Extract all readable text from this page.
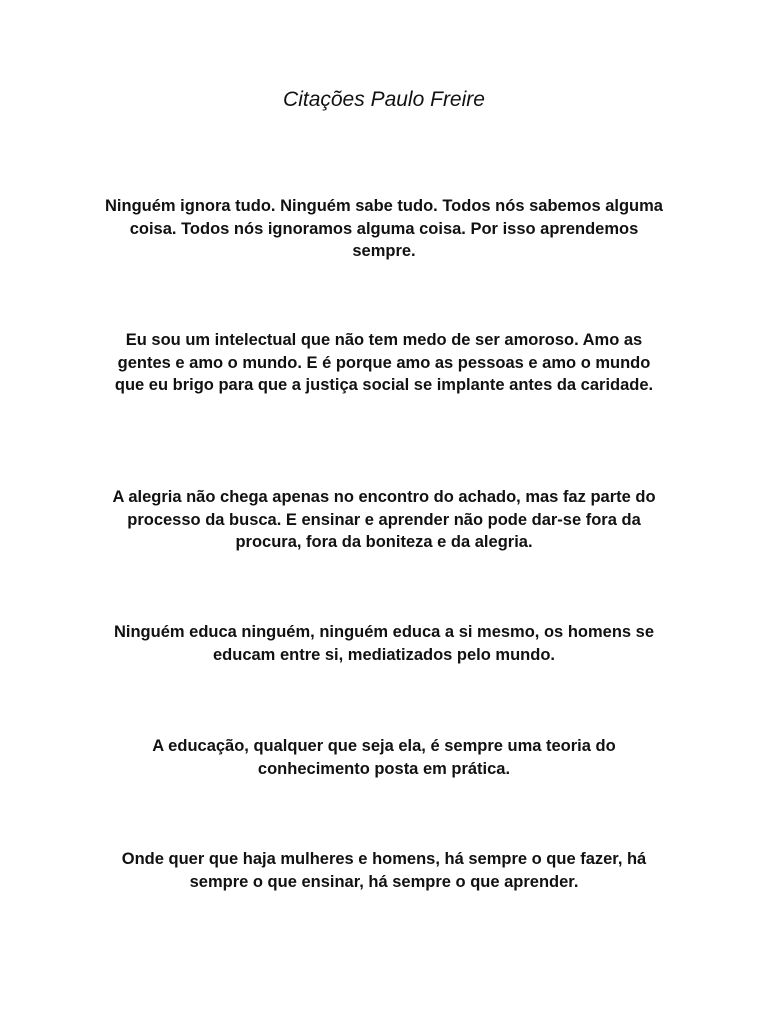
Citações Paulo Freire

Ninguém ignora tudo. Ninguém sabe tudo. Todos nós sabemos alguma coisa. Todos nós ignoramos alguma coisa. Por isso aprendemos sempre.

Eu sou um intelectual que não tem medo de ser amoroso. Amo as gentes e amo o mundo. E é porque amo as pessoas e amo o mundo que eu brigo para que a justiça social se implante antes da caridade.

A alegria não chega apenas no encontro do achado, mas faz parte do processo da busca. E ensinar e aprender não pode dar-se fora da procura, fora da boniteza e da alegria.

Ninguém educa ninguém, ninguém educa a si mesmo, os homens se educam entre si, mediatizados pelo mundo.

A educação, qualquer que seja ela, é sempre uma teoria do conhecimento posta em prática.

Onde quer que haja mulheres e homens, há sempre o que fazer, há sempre o que ensinar, há sempre o que aprender.
